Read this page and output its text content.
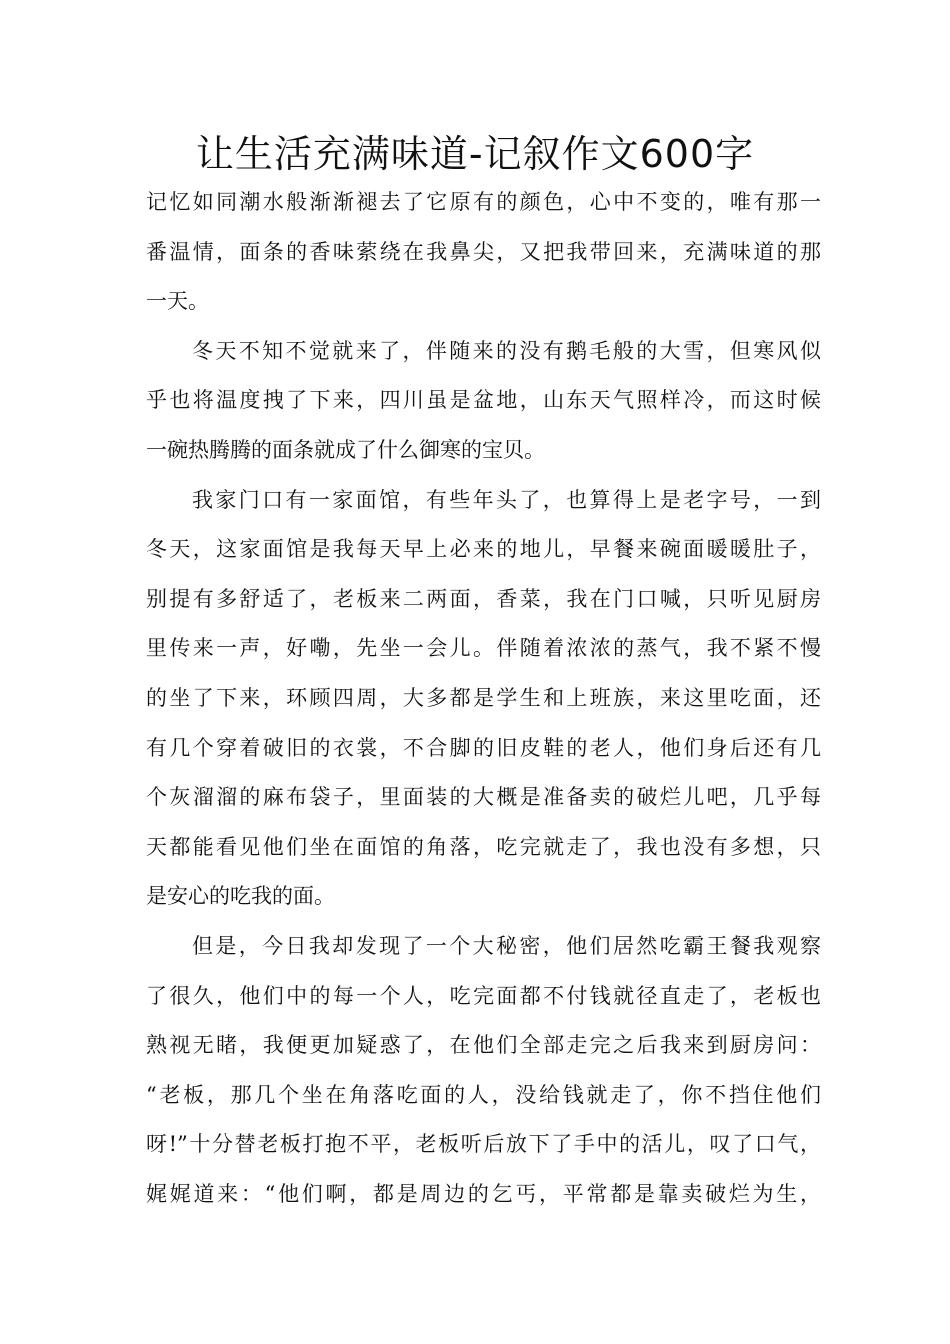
让生活充满味道-记叙作文600字
记忆如同潮水般渐渐褪去了它原有的颜色，心中不变的，唯有那一
番温情，面条的香味萦绕在我鼻尖，又把我带回来，充满味道的那
一天。
冬天不知不觉就来了，伴随来的没有鹅毛般的大雪，但寒风似
乎也将温度拽了下来，四川虽是盆地，山东天气照样冷，而这时候
一碗热腾腾的面条就成了什么御寒的宝贝。
我家门口有一家面馆，有些年头了，也算得上是老字号，一到
冬天，这家面馆是我每天早上必来的地儿，早餐来碗面暖暖肚子，
别提有多舒适了，老板来二两面，香菜，我在门口喊，只听见厨房
里传来一声，好嘞，先坐一会儿。伴随着浓浓的蒸气，我不紧不慢
的坐了下来，环顾四周，大多都是学生和上班族，来这里吃面，还
有几个穿着破旧的衣裳，不合脚的旧皮鞋的老人，他们身后还有几
个灰溜溜的麻布袋子，里面装的大概是准备卖的破烂儿吧，几乎每
天都能看见他们坐在面馆的角落，吃完就走了，我也没有多想，只
是安心的吃我的面。
但是，今日我却发现了一个大秘密，他们居然吃霸王餐我观察
了很久，他们中的每一个人，吃完面都不付钱就径直走了，老板也
熟视无睹，我便更加疑惑了，在他们全部走完之后我来到厨房问：
“老板，那几个坐在角落吃面的人，没给钱就走了，你不挡住他们
呀!”十分替老板打抱不平，老板听后放下了手中的活儿，叹了口气，
娓娓道来：“他们啊，都是周边的乞丐，平常都是靠卖破烂为生，
